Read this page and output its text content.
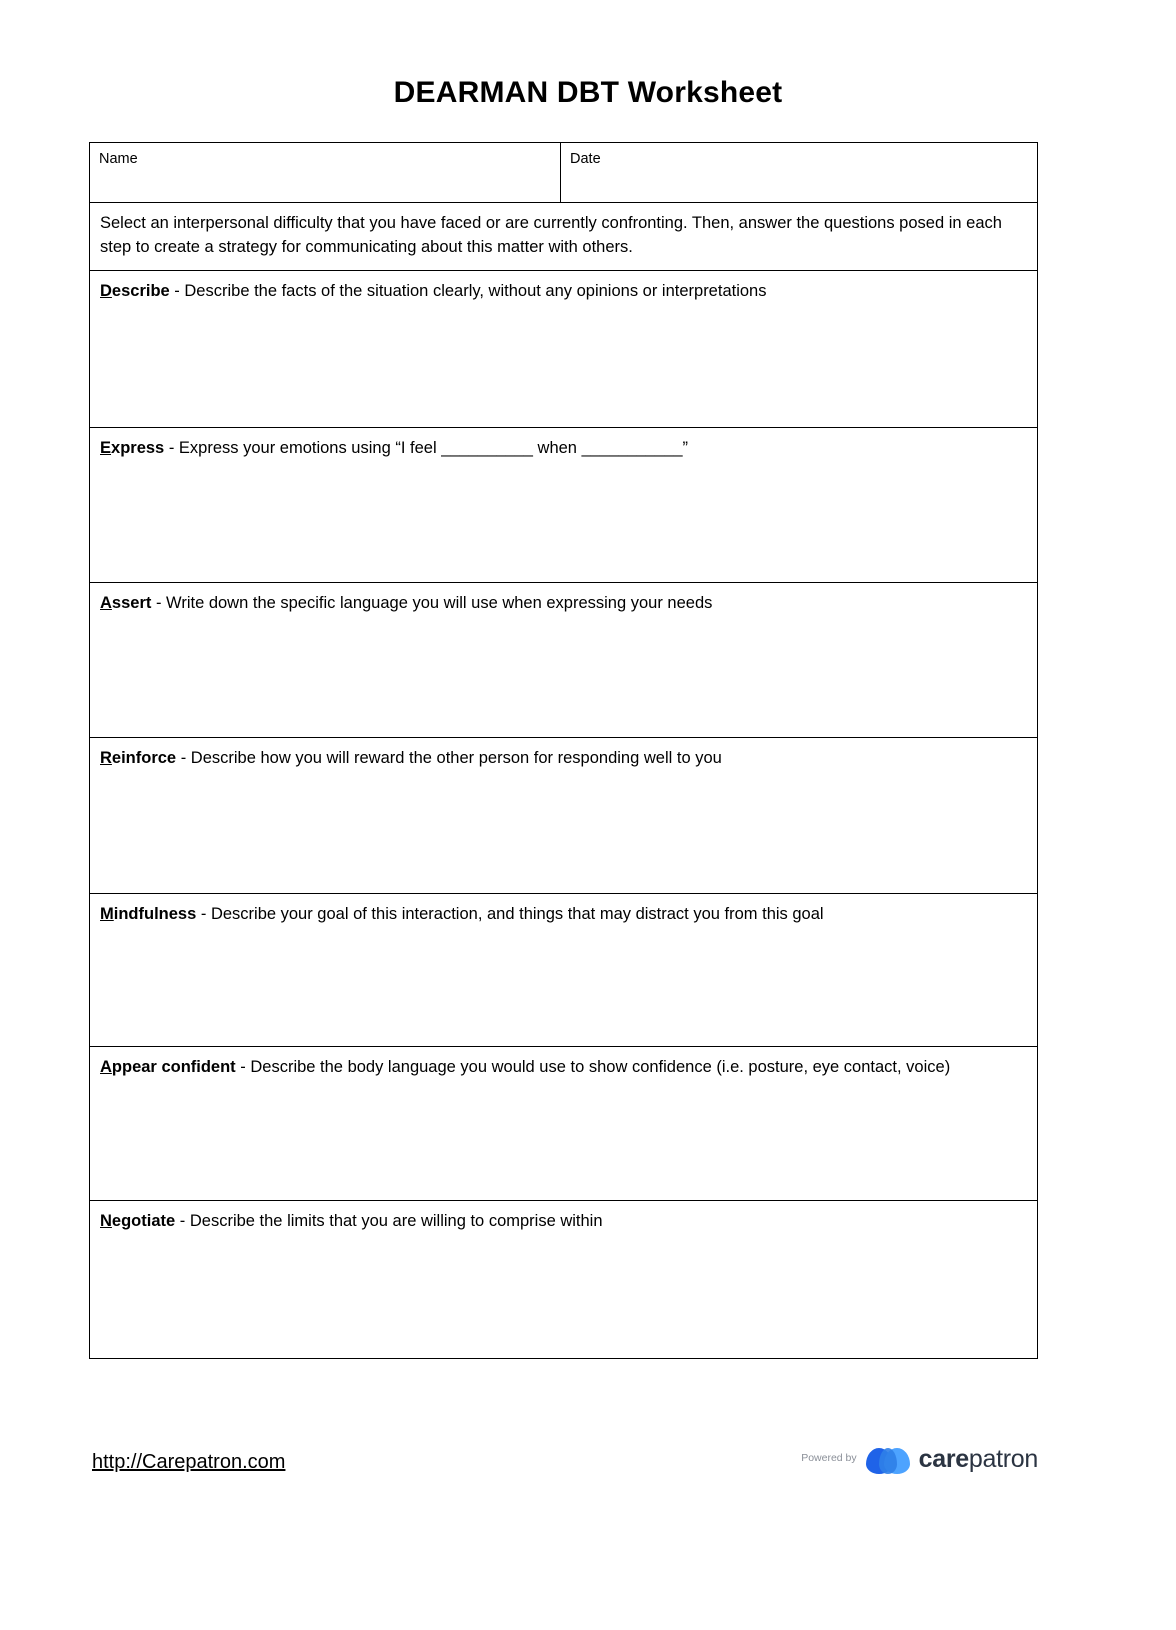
DEARMAN DBT Worksheet
Name	Date
Select an interpersonal difficulty that you have faced or are currently confronting. Then, answer the questions posed in each step to create a strategy for communicating about this matter with others.
Describe - Describe the facts of the situation clearly, without any opinions or interpretations
Express - Express your emotions using “I feel __________ when ___________”
Assert - Write down the specific language you will use when expressing your needs
Reinforce - Describe how you will reward the other person for responding well to you
Mindfulness - Describe your goal of this interaction, and things that may distract you from this goal
Appear confident - Describe the body language you would use to show confidence (i.e. posture, eye contact, voice)
Negotiate - Describe the limits that you are willing to comprise within
http://Carepatron.com	Powered by carepatron
